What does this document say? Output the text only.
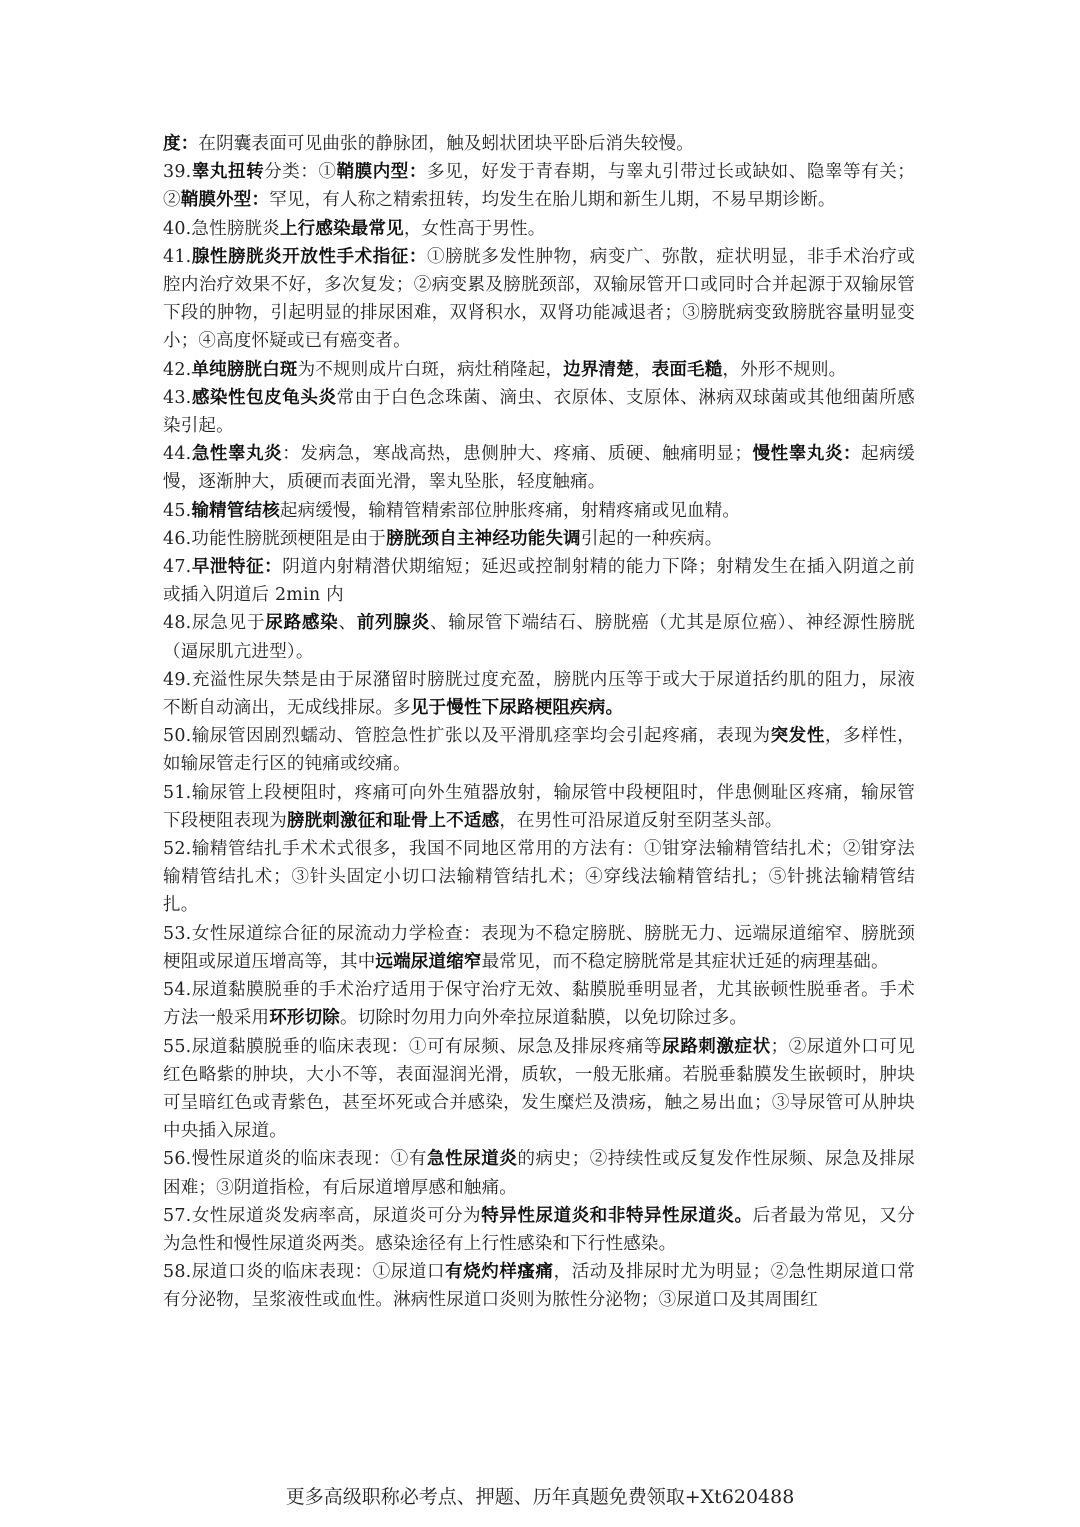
度：在阴囊表面可见曲张的静脉团，触及蚓状团块平卧后消失较慢。

39.睾丸扭转分类：①鞘膜内型：多见，好发于青春期，与睾丸引带过长或缺如、隐睾等有关；②鞘膜外型：罕见，有人称之精索扭转，均发生在胎儿期和新生儿期，不易早期诊断。

40.急性膀胱炎上行感染最常见，女性高于男性。

41.腺性膀胱炎开放性手术指征：①膀胱多发性肿物，病变广、弥散，症状明显，非手术治疗或腔内治疗效果不好，多次复发；②病变累及膀胱颈部，双输尿管开口或同时合并起源于双输尿管下段的肿物，引起明显的排尿困难，双肾积水，双肾功能减退者；③膀胱病变致膀胱容量明显变小；④高度怀疑或已有癌变者。

42.单纯膀胱白斑为不规则成片白斑，病灶稍隆起，边界清楚，表面毛糙，外形不规则。

43.感染性包皮龟头炎常由于白色念珠菌、滴虫、衣原体、支原体、淋病双球菌或其他细菌所感染引起。

44.急性睾丸炎：发病急，寒战高热，患侧肿大、疼痛、质硬、触痛明显；慢性睾丸炎：起病缓慢，逐渐肿大，质硬而表面光滑，睾丸坠胀，轻度触痛。

45.输精管结核起病缓慢，输精管精索部位肿胀疼痛，射精疼痛或见血精。

46.功能性膀胱颈梗阻是由于膀胱颈自主神经功能失调引起的一种疾病。

47.早泄特征：阴道内射精潜伏期缩短；延迟或控制射精的能力下降；射精发生在插入阴道之前或插入阴道后 2min 内

48.尿急见于尿路感染、前列腺炎、输尿管下端结石、膀胱癌（尤其是原位癌）、神经源性膀胱（逼尿肌亢进型）。

49.充溢性尿失禁是由于尿潴留时膀胱过度充盈，膀胱内压等于或大于尿道括约肌的阻力，尿液不断自动滴出，无成线排尿。多见于慢性下尿路梗阻疾病。

50.输尿管因剧烈蠕动、管腔急性扩张以及平滑肌痉挛均会引起疼痛，表现为突发性，多样性，如输尿管走行区的钝痛或绞痛。

51.输尿管上段梗阻时，疼痛可向外生殖器放射，输尿管中段梗阻时，伴患侧耻区疼痛，输尿管下段梗阻表现为膀胱刺激征和耻骨上不适感，在男性可沿尿道反射至阴茎头部。

52.输精管结扎手术术式很多，我国不同地区常用的方法有：①钳穿法输精管结扎术；②钳穿法输精管结扎术；③针头固定小切口法输精管结扎术；④穿线法输精管结扎；⑤针挑法输精管结扎。

53.女性尿道综合征的尿流动力学检查：表现为不稳定膀胱、膀胱无力、远端尿道缩窄、膀胱颈梗阻或尿道压增高等，其中远端尿道缩窄最常见，而不稳定膀胱常是其症状迁延的病理基础。

54.尿道黏膜脱垂的手术治疗适用于保守治疗无效、黏膜脱垂明显者，尤其嵌顿性脱垂者。手术方法一般采用环形切除。切除时勿用力向外牵拉尿道黏膜，以免切除过多。

55.尿道黏膜脱垂的临床表现：①可有尿频、尿急及排尿疼痛等尿路刺激症状；②尿道外口可见红色略紫的肿块，大小不等，表面湿润光滑，质软，一般无胀痛。若脱垂黏膜发生嵌顿时，肿块可呈暗红色或青紫色，甚至坏死或合并感染，发生糜烂及溃疡，触之易出血；③导尿管可从肿块中央插入尿道。

56.慢性尿道炎的临床表现：①有急性尿道炎的病史；②持续性或反复发作性尿频、尿急及排尿困难；③阴道指检，有后尿道增厚感和触痛。

57.女性尿道炎发病率高，尿道炎可分为特异性尿道炎和非特异性尿道炎。后者最为常见，又分为急性和慢性尿道炎两类。感染途径有上行性感染和下行性感染。

58.尿道口炎的临床表现：①尿道口有烧灼样瘙痛，活动及排尿时尤为明显；②急性期尿道口常有分泌物，呈浆液性或血性。淋病性尿道口炎则为脓性分泌物；③尿道口及其周围红

更多高级职称必考点、押题、历年真题免费领取+Xt620488
